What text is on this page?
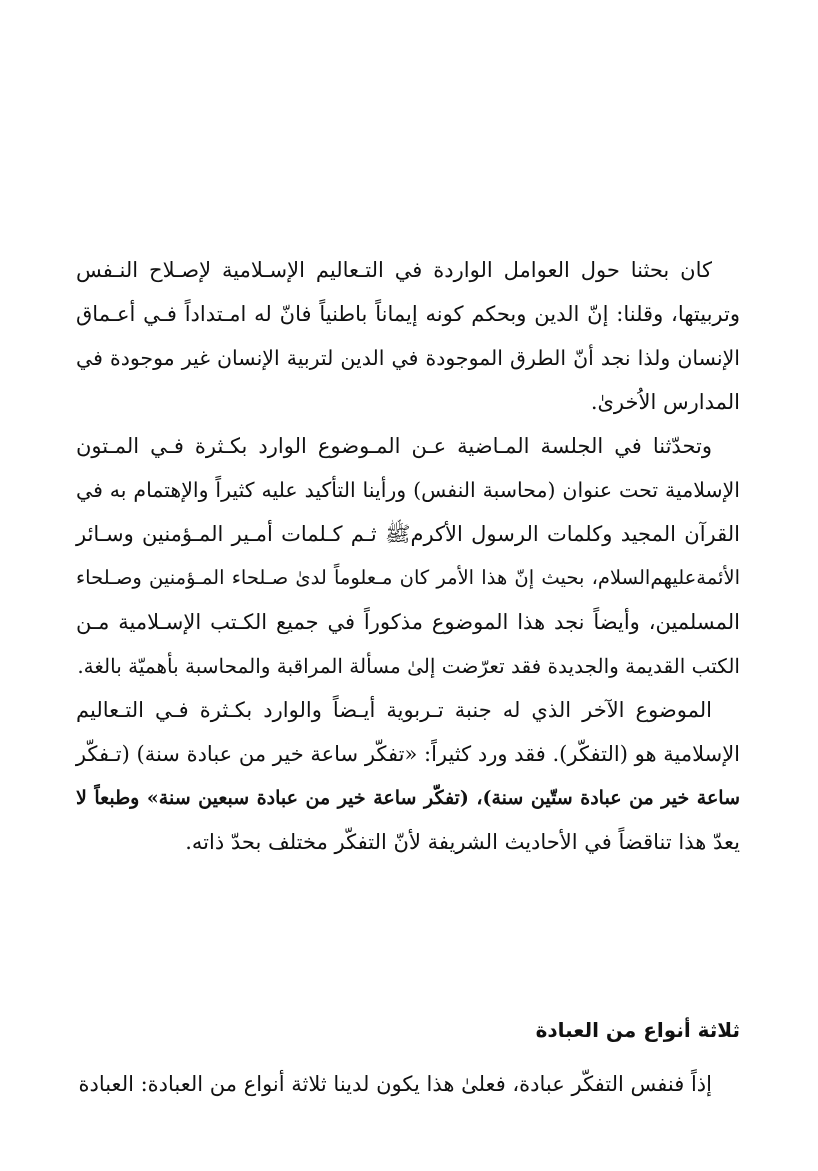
كان بحثنا حول العوامل الواردة في التـعاليم الإسـلامية لإصـلاح النـفس
وتربيتها، وقلنا: إنّ الدين وبحكم كونه إيماناً باطنياً فانّ له امـتداداً فـي أعـماق
الإنسان ولذا نجد أنّ الطرق الموجودة في الدين لتربية الإنسان غير موجودة في
المدارس الاُخرىٰ.
وتحدّثنا في الجلسة المـاضية عـن المـوضوع الوارد بكـثرة فـي المـتون
الإسلامية تحت عنوان (محاسبة النفس) ورأينا التأكيد عليه كثيراً والإهتمام به في
القرآن المجيد وكلمات الرسول الأكرمﷺ ثـم كـلمات أمـير المـؤمنين وسـائر
الأئمةعليهم‌السلام، بحيث إنّ هذا الأمر كان مـعلوماً لدىٰ صـلحاء المـؤمنين وصـلحاء
المسلمين، وأيضاً نجد هذا الموضوع مذكوراً في جميع الكـتب الإسـلامية مـن
الكتب القديمة والجديدة فقد تعرّضت إلىٰ مسألة المراقبة والمحاسبة بأهميّة بالغة.
الموضوع الآخر الذي له جنبة تـربوية أيـضاً والوارد بكـثرة فـي التـعاليم
الإسلامية هو (التفكّر). فقد ورد كثيراً: «تفكّر ساعة خير من عبادة سنة) (تـفكّر
ساعة خير من عبادة ستّين سنة)، (تفكّر ساعة خير من عبادة سبعين سنة» وطبعاً لا
يعدّ هذا تناقضاً في الأحاديث الشريفة لأنّ التفكّر مختلف بحدّ ذاته.
ثلاثة أنواع من العبادة
إذاً فنفس التفكّر عبادة، فعلىٰ هذا يكون لدينا ثلاثة أنواع من العبادة: العبادة
